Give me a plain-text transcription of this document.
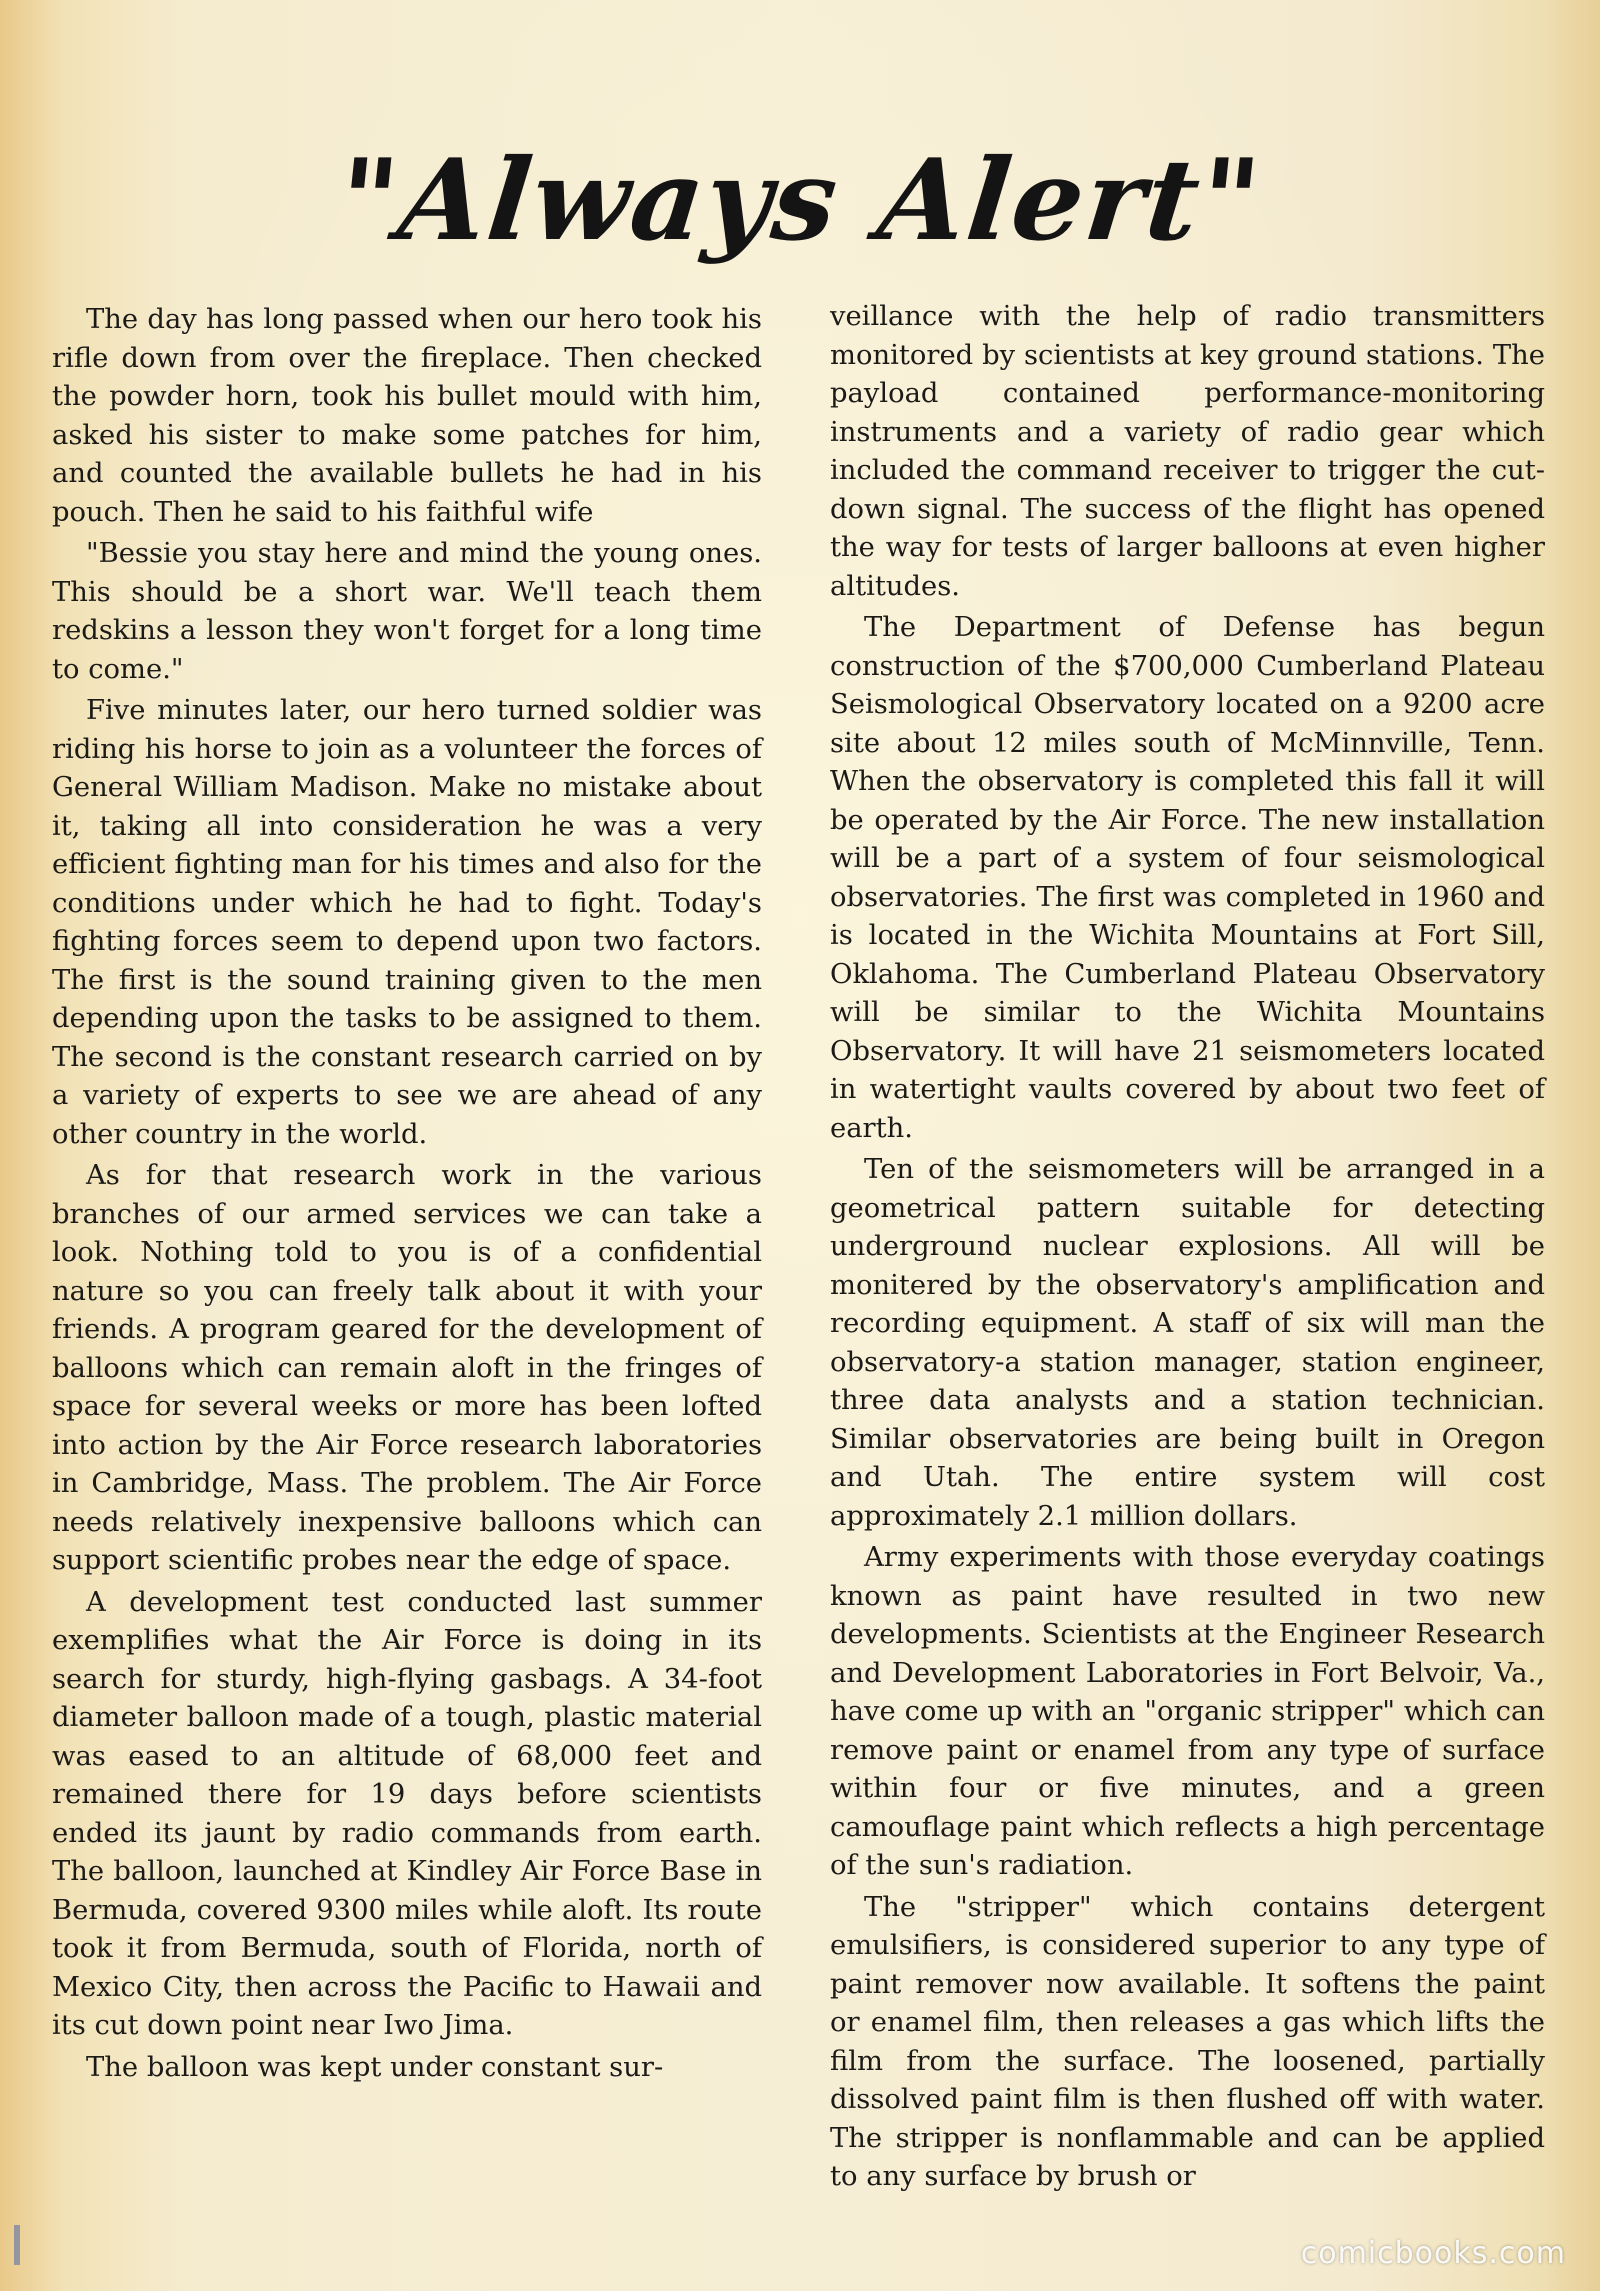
"Always Alert"

The day has long passed when our hero took his rifle down from over the fireplace. Then checked the powder horn, took his bullet mould with him, asked his sister to make some patches for him, and counted the available bullets he had in his pouch. Then he said to his faithful wife

"Bessie you stay here and mind the young ones. This should be a short war. We'll teach them redskins a lesson they won't forget for a long time to come."

Five minutes later, our hero turned soldier was riding his horse to join as a volunteer the forces of General William Madison. Make no mistake about it, taking all into consideration he was a very efficient fighting man for his times and also for the conditions under which he had to fight. Today's fighting forces seem to depend upon two factors. The first is the sound training given to the men depending upon the tasks to be assigned to them. The second is the constant research carried on by a variety of experts to see we are ahead of any other country in the world.

As for that research work in the various branches of our armed services we can take a look. Nothing told to you is of a confidential nature so you can freely talk about it with your friends. A program geared for the development of balloons which can remain aloft in the fringes of space for several weeks or more has been lofted into action by the Air Force research laboratories in Cambridge, Mass. The problem. The Air Force needs relatively inexpensive balloons which can support scientific probes near the edge of space.

A development test conducted last summer exemplifies what the Air Force is doing in its search for sturdy, high-flying gasbags. A 34-foot diameter balloon made of a tough, plastic material was eased to an altitude of 68,000 feet and remained there for 19 days before scientists ended its jaunt by radio commands from earth. The balloon, launched at Kindley Air Force Base in Bermuda, covered 9300 miles while aloft. Its route took it from Bermuda, south of Florida, north of Mexico City, then across the Pacific to Hawaii and its cut down point near Iwo Jima.

The balloon was kept under constant sur-

veillance with the help of radio transmitters monitored by scientists at key ground stations. The payload contained performance-monitoring instruments and a variety of radio gear which included the command receiver to trigger the cut-down signal. The success of the flight has opened the way for tests of larger balloons at even higher altitudes.

The Department of Defense has begun construction of the $700,000 Cumberland Plateau Seismological Observatory located on a 9200 acre site about 12 miles south of McMinnville, Tenn. When the observatory is completed this fall it will be operated by the Air Force. The new installation will be a part of a system of four seismological observatories. The first was completed in 1960 and is located in the Wichita Mountains at Fort Sill, Oklahoma. The Cumberland Plateau Observatory will be similar to the Wichita Mountains Observatory. It will have 21 seismometers located in watertight vaults covered by about two feet of earth.

Ten of the seismometers will be arranged in a geometrical pattern suitable for detecting underground nuclear explosions. All will be monitered by the observatory's amplification and recording equipment. A staff of six will man the observatory-a station manager, station engineer, three data analysts and a station technician. Similar observatories are being built in Oregon and Utah. The entire system will cost approximately 2.1 million dollars.

Army experiments with those everyday coatings known as paint have resulted in two new developments. Scientists at the Engineer Research and Development Laboratories in Fort Belvoir, Va., have come up with an "organic stripper" which can remove paint or enamel from any type of surface within four or five minutes, and a green camouflage paint which reflects a high percentage of the sun's radiation.

The "stripper" which contains detergent emulsifiers, is considered superior to any type of paint remover now available. It softens the paint or enamel film, then releases a gas which lifts the film from the surface. The loosened, partially dissolved paint film is then flushed off with water. The stripper is nonflammable and can be applied to any surface by brush or

comicbooks.com
